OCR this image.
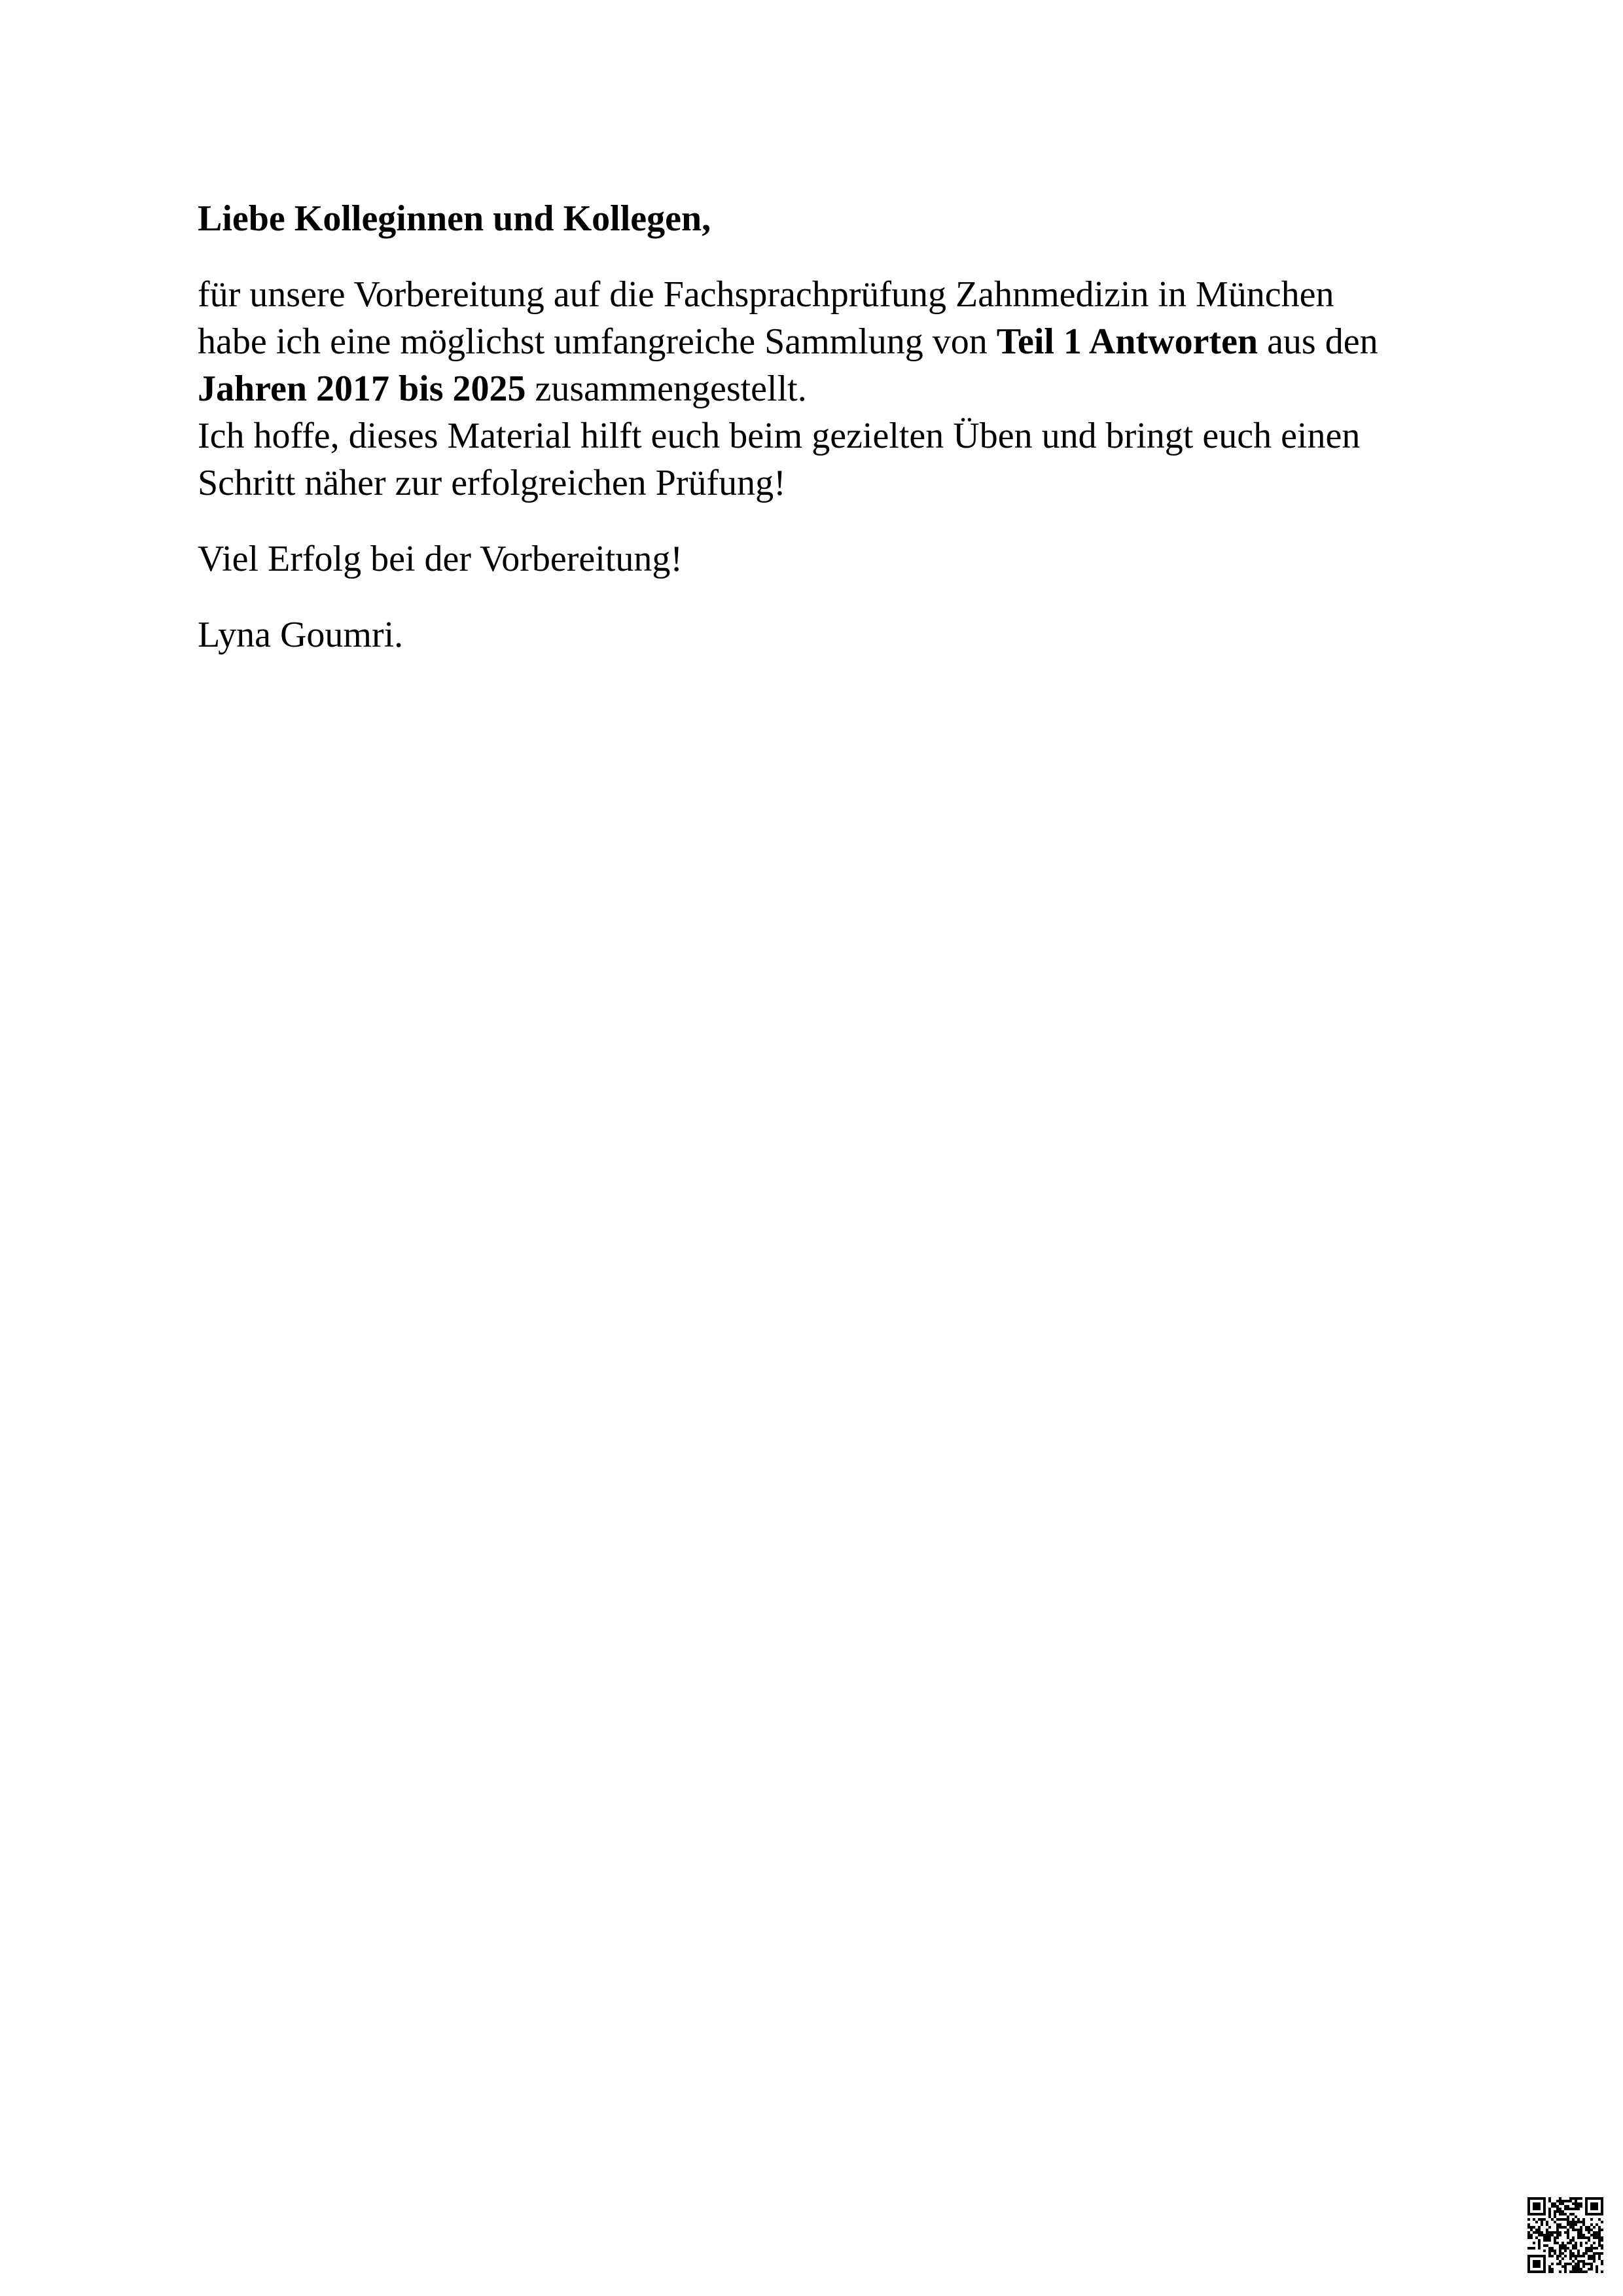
Liebe Kolleginnen und Kollegen,

für unsere Vorbereitung auf die Fachsprachprüfung Zahnmedizin in München
habe ich eine möglichst umfangreiche Sammlung von Teil 1 Antworten aus den
Jahren 2017 bis 2025 zusammengestellt.
Ich hoffe, dieses Material hilft euch beim gezielten Üben und bringt euch einen
Schritt näher zur erfolgreichen Prüfung!

Viel Erfolg bei der Vorbereitung!

Lyna Goumri.
